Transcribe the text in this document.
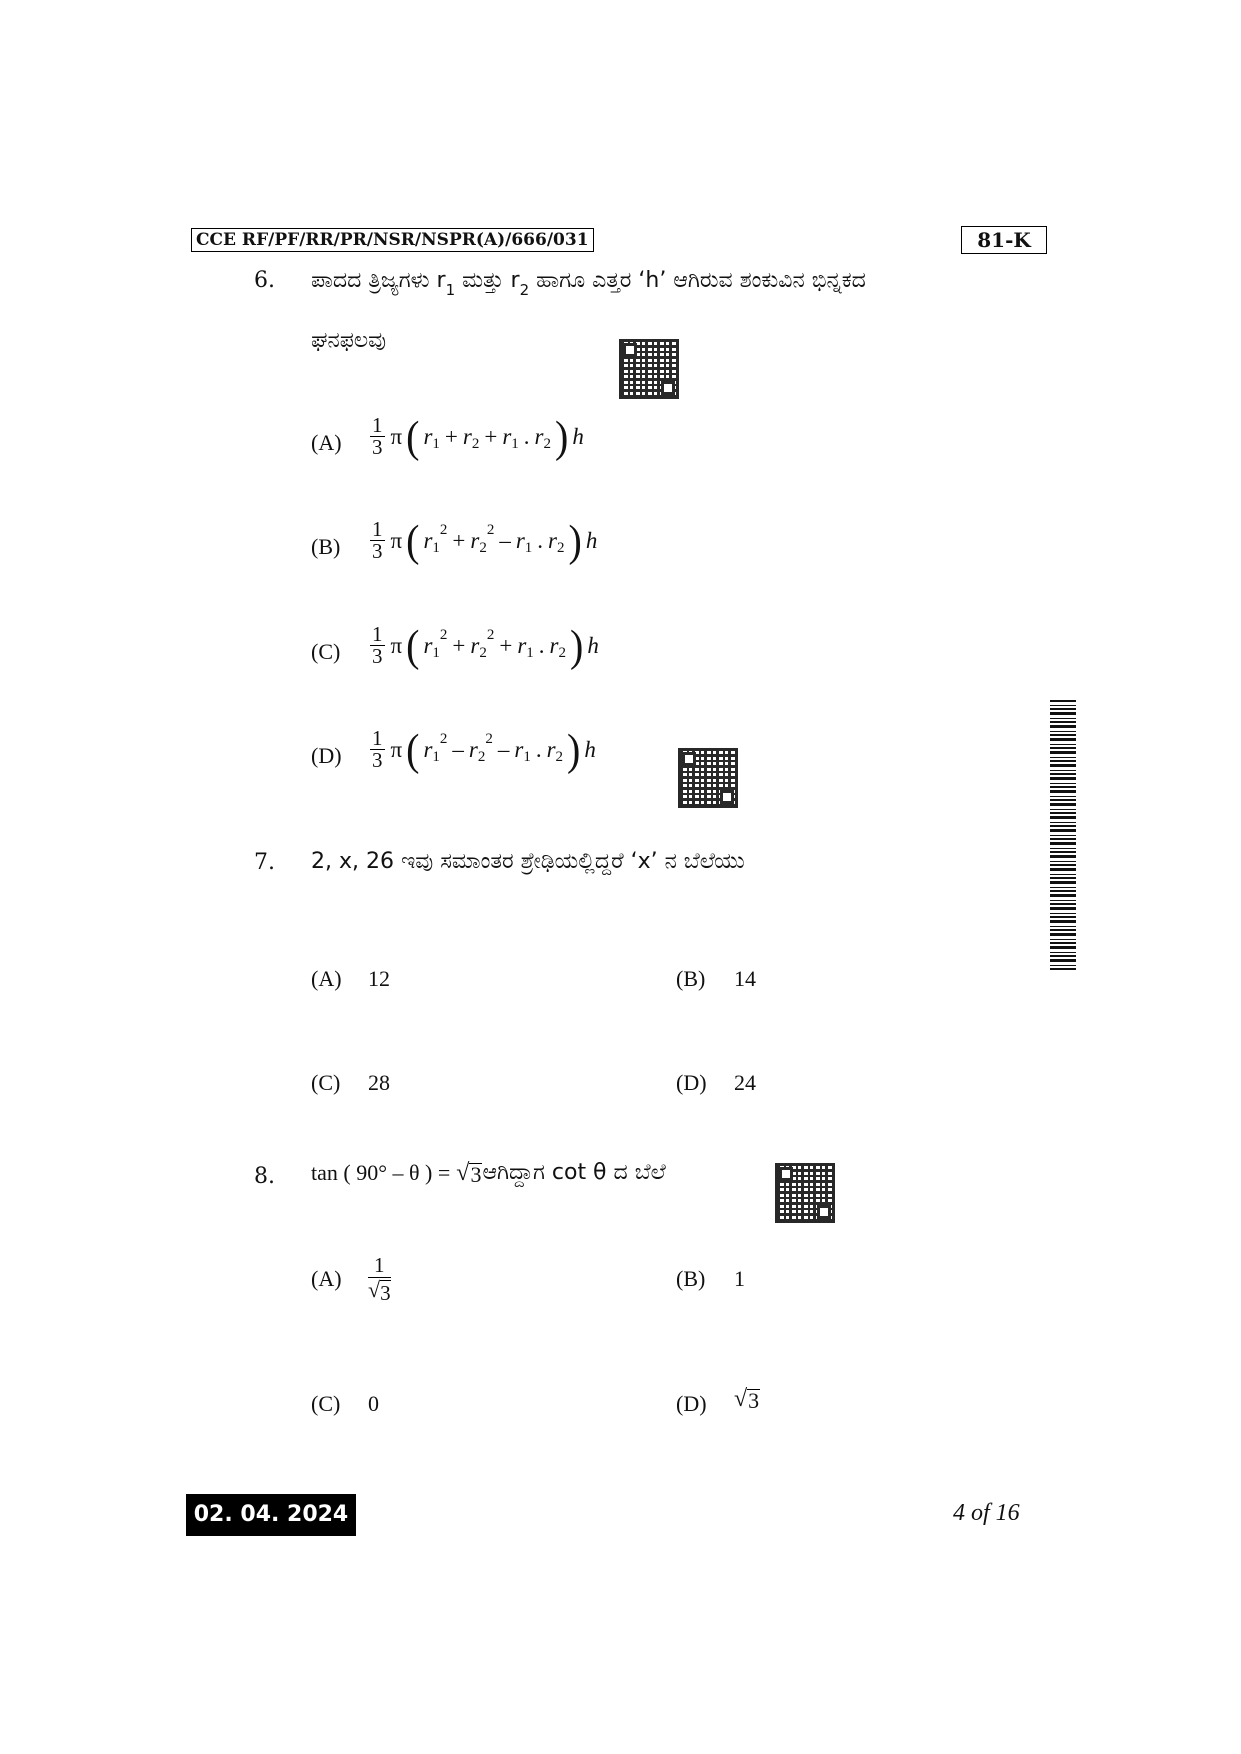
CCE RF/PF/RR/PR/NSR/NSPR(A)/666/031	81-K
6. ಪಾದದ ತ್ರಿಜ್ಯಗಳು $r_1$ ಮತ್ತು $r_2$ ಹಾಗೂ ಎತ್ತರ ‘h’ ಆಗಿರುವ ಶಂಕುವಿನ ಭಿನ್ನಕದ
ಘನಫಲವು
$(A) \frac{1}{3}$ π ( r 1 + r 2 + r 1 . r 2 ) h
$(B) \frac{1}{3}$ π ( r 1
2 + r 2
2 – r 1 . r 2 ) h
$(C) \frac{1}{3}$ π ( r 1
2 + r 2
2 + r 1 . r 2 ) h
$(D) \frac{1}{3}$ π ( r 1
2 – r 2
2 – r 1 . r 2 ) h
7. 2, x, 26 ಇವು ಸಮಾಂತರ ಶ್ರೇಢಿಯಲ್ಲಿದ್ದರೆ ‘x’ ನ ಬೆಲೆಯು
(A) 12	(B) 14
(C) 28	(D) 24
8. tan ( 90° – θ ) = √ 3 ಆಗಿದ್ದಾಗ cot θ ದ ಬೆಲೆ
$(A) \frac{1}{√ 3}$	(B) 1
(C) 0	(D) √ 3
02. 04. 2024	4 of 16
